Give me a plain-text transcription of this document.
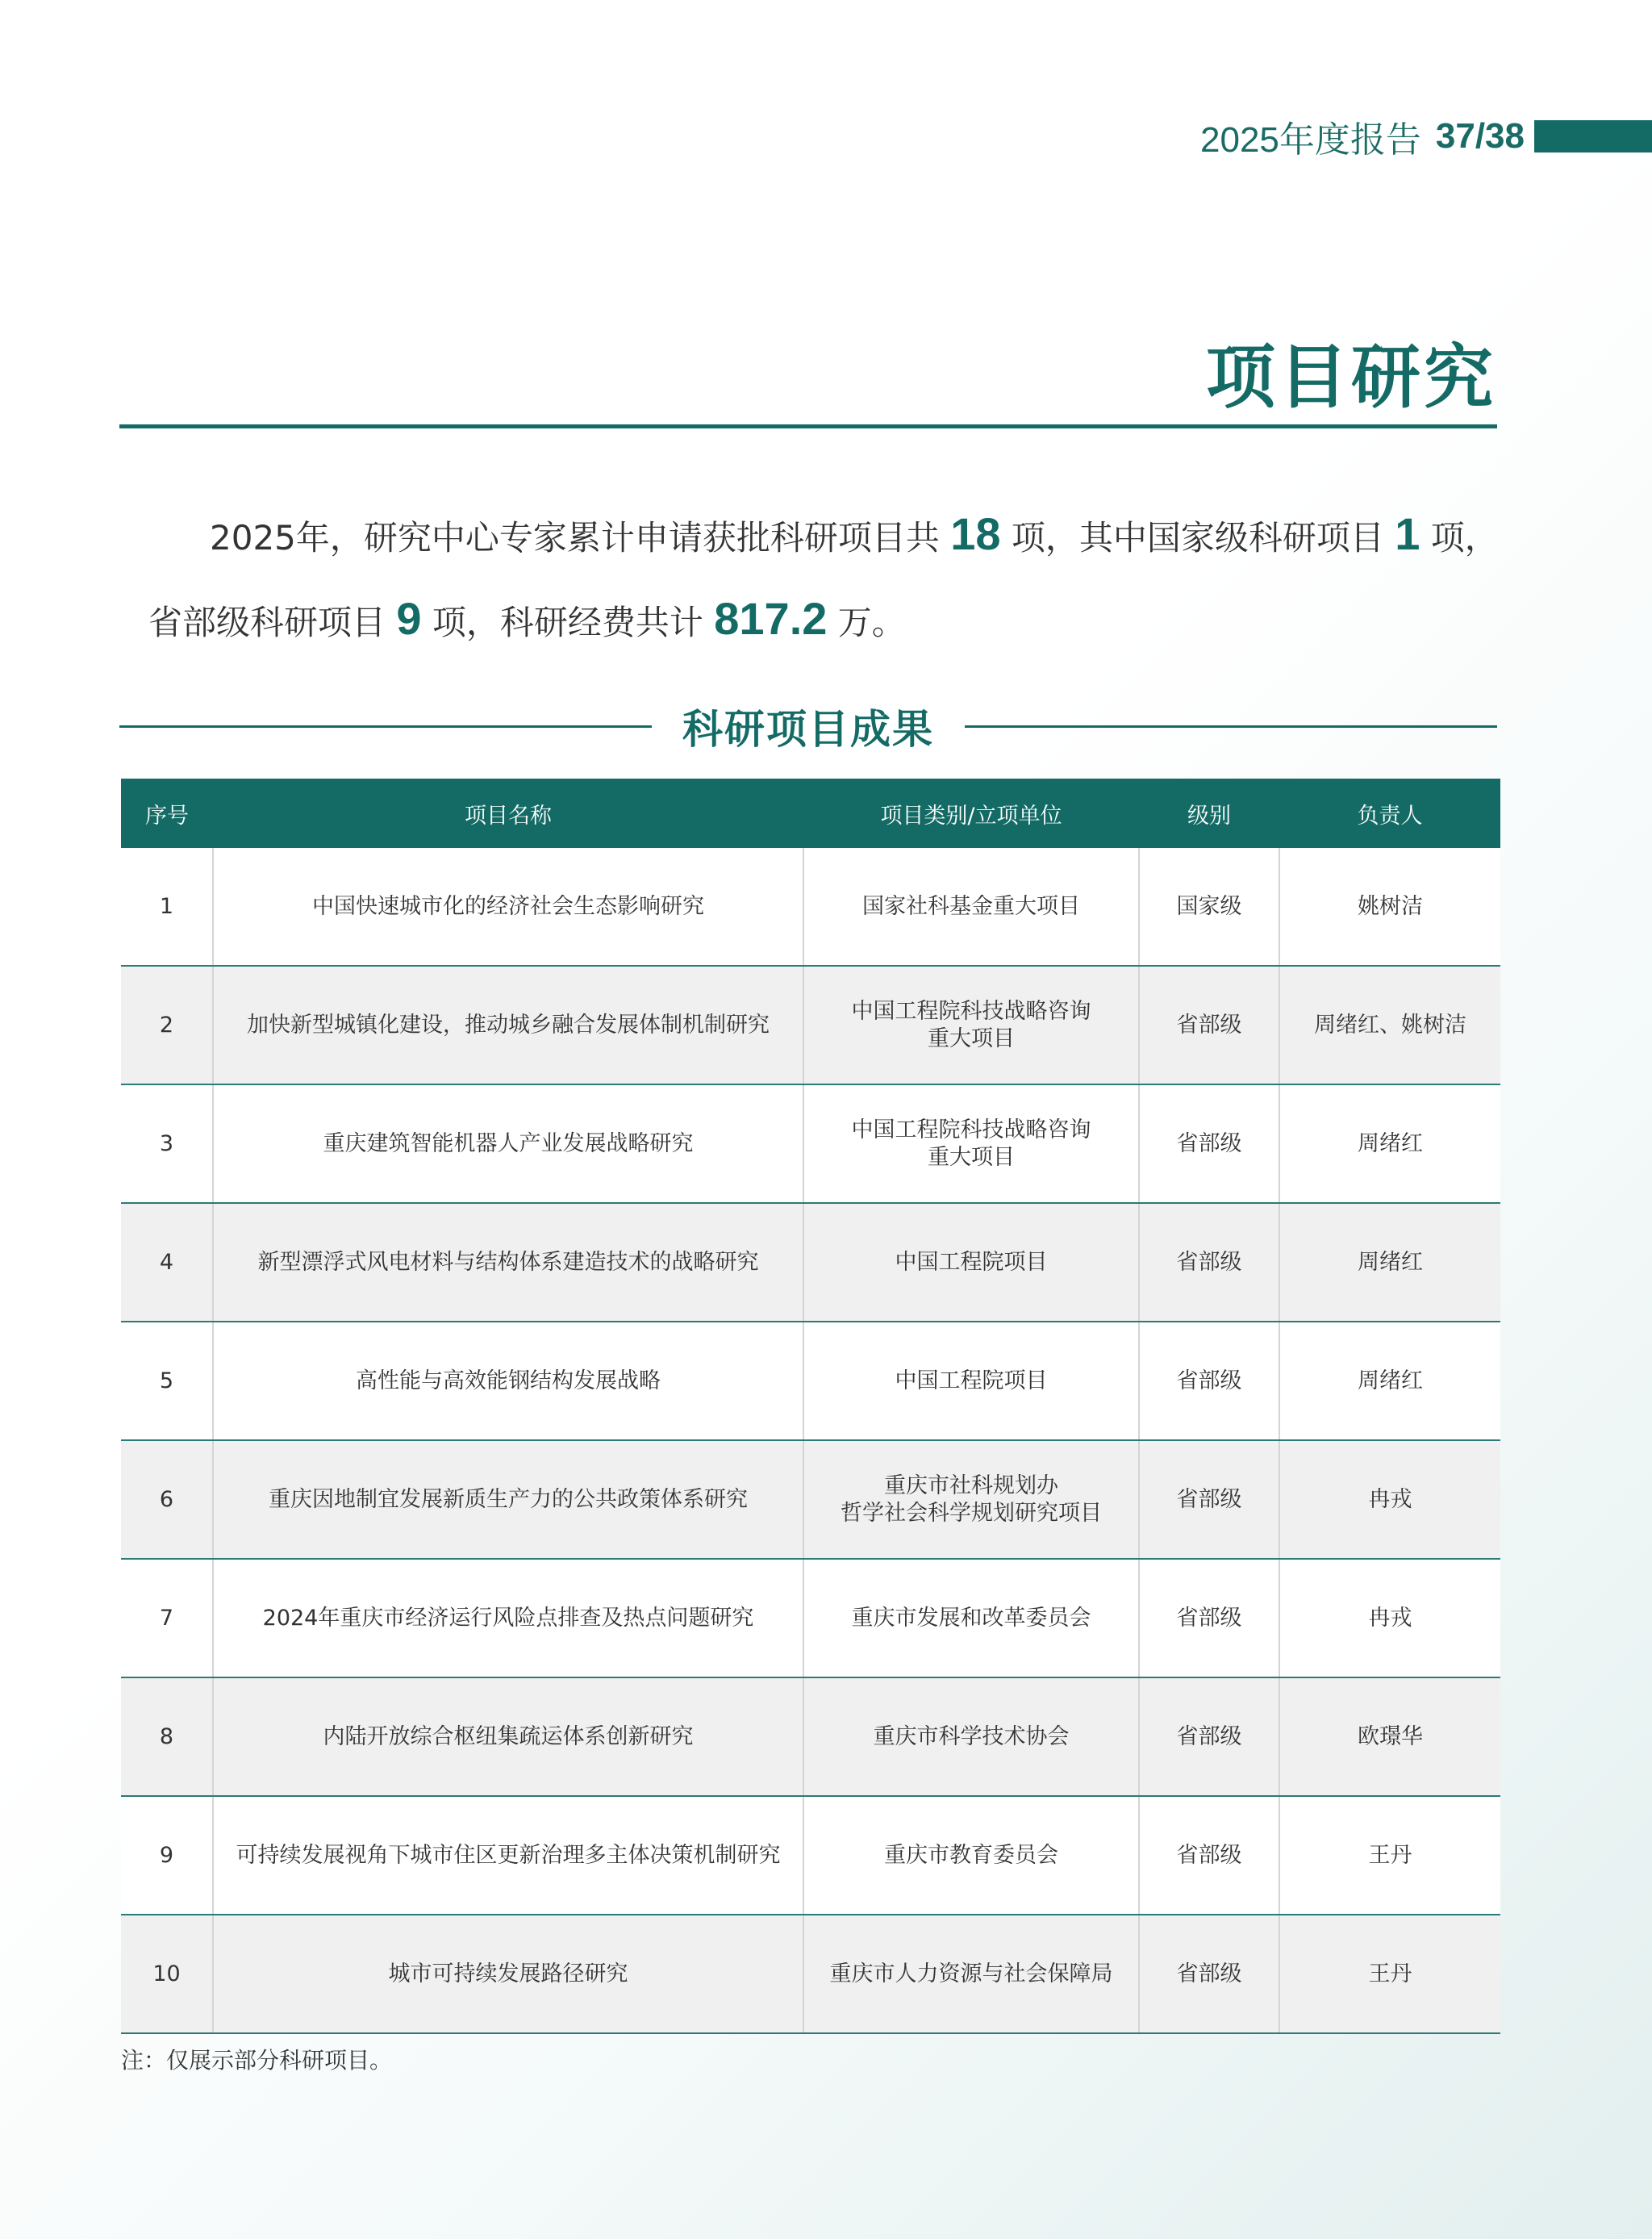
2025年度报告 37/38
项目研究
2025年，研究中心专家累计申请获批科研项目共 18 项，其中国家级科研项目 1 项，
省部级科研项目 9 项，科研经费共计 817.2 万。
科研项目成果
序号	项目名称	项目类别/立项单位	级别	负责人
1	中国快速城市化的经济社会生态影响研究	国家社科基金重大项目	国家级	姚树洁
2	加快新型城镇化建设，推动城乡融合发展体制机制研究	中国工程院科技战略咨询
重大项目	省部级	周绪红、姚树洁
3	重庆建筑智能机器人产业发展战略研究	中国工程院科技战略咨询
重大项目	省部级	周绪红
4	新型漂浮式风电材料与结构体系建造技术的战略研究	中国工程院项目	省部级	周绪红
5	高性能与高效能钢结构发展战略	中国工程院项目	省部级	周绪红
6	重庆因地制宜发展新质生产力的公共政策体系研究	重庆市社科规划办
哲学社会科学规划研究项目	省部级	冉戎
7	2024年重庆市经济运行风险点排查及热点问题研究	重庆市发展和改革委员会	省部级	冉戎
8	内陆开放综合枢纽集疏运体系创新研究	重庆市科学技术协会	省部级	欧璟华
9	可持续发展视角下城市住区更新治理多主体决策机制研究	重庆市教育委员会	省部级	王丹
10	城市可持续发展路径研究	重庆市人力资源与社会保障局	省部级	王丹
注：仅展示部分科研项目。
